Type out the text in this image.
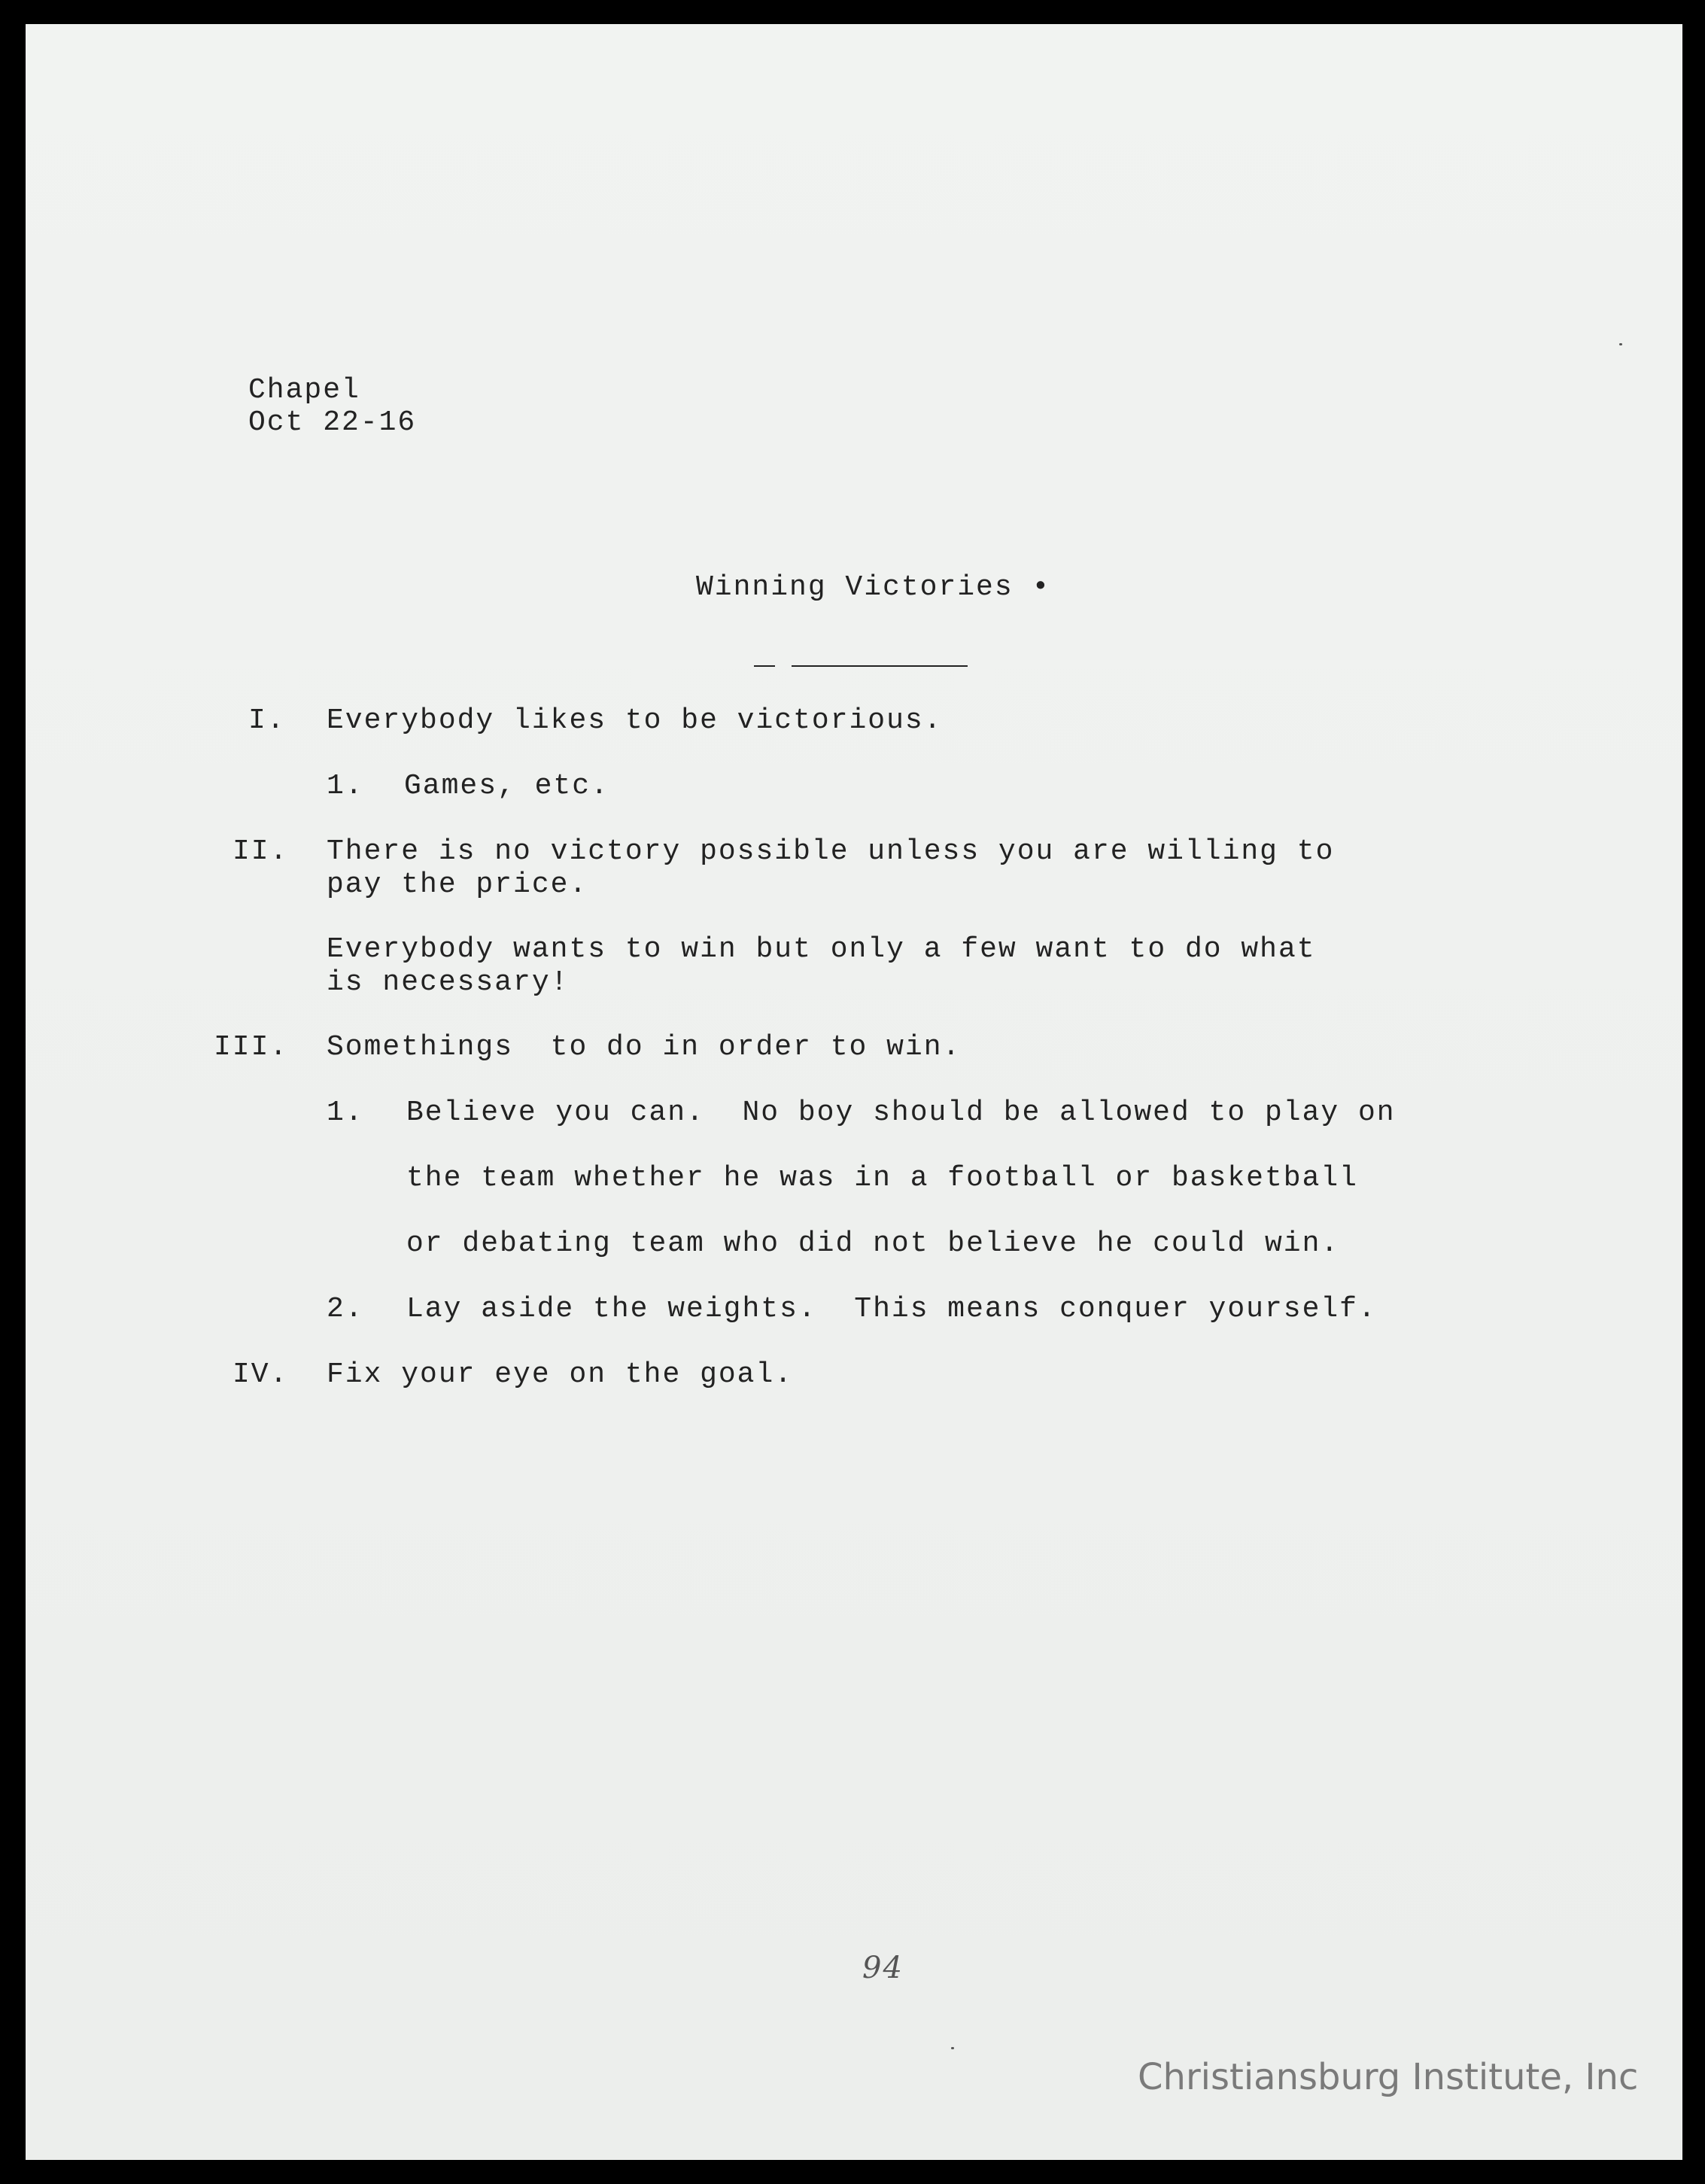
Chapel
Oct 22-16
Winning Victories •
I. Everybody likes to be victorious.
1. Games, etc.
II. There is no victory possible unless you are willing to
pay the price.
Everybody wants to win but only a few want to do what
is necessary!
III. Somethings  to do in order to win.
1. Believe you can.  No boy should be allowed to play on
the team whether he was in a football or basketball
or debating team who did not believe he could win.
2. Lay aside the weights.  This means conquer yourself.
IV. Fix your eye on the goal.
94
Christiansburg Institute, Inc
